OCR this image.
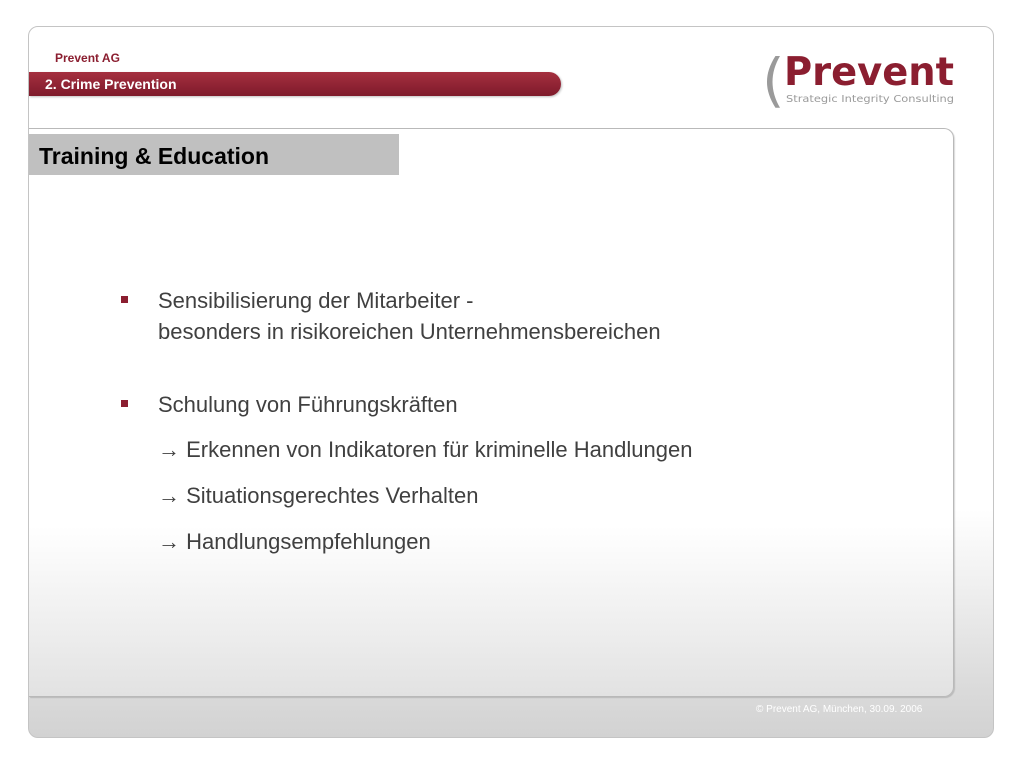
Prevent AG
2. Crime Prevention	( Prevent
Strategic Integrity Consulting
Training & Education
Sensibilisierung der Mitarbeiter -
besonders in risikoreichen Unternehmensbereichen
Schulung von Führungskräften
→ Erkennen von Indikatoren für kriminelle Handlungen
→ Situationsgerechtes Verhalten
→ Handlungsempfehlungen
© Prevent AG, München, 30.09. 2006
